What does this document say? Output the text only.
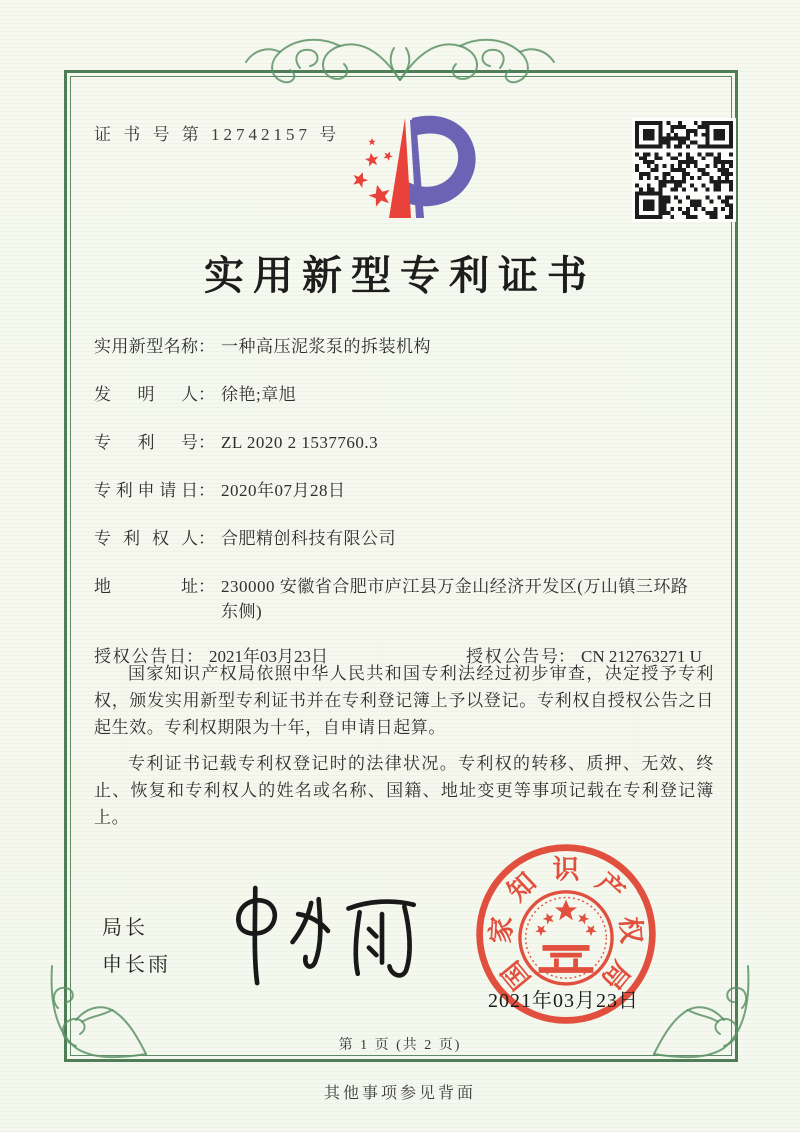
证 书 号 第 12742157 号
实用新型专利证书
实用新型名称 ： 一种高压泥浆泵的拆装机构
发明人 ： 徐艳;章旭
专利号 ： ZL 2020 2 1537760.3
专利申请日 ： 2020年07月28日
专利权人 ： 合肥精创科技有限公司
地址 ： 230000 安徽省合肥市庐江县万金山经济开发区(万山镇三环路东侧)
授权公告日 ： 2021年03月23日	授权公告号 ： CN 212763271 U

国家知识产权局依照中华人民共和国专利法经过初步审查，决定授予专利权，颁发实用新型专利证书并在专利登记簿上予以登记。专利权自授权公告之日起生效。专利权期限为十年，自申请日起算。

专利证书记载专利权登记时的法律状况。专利权的转移、质押、无效、终止、恢复和专利权人的姓名或名称、国籍、地址变更等事项记载在专利登记簿上。

局长
申长雨	国
家
知 识 产
权
局
2021年03月23日
第 1 页 (共 2 页)
其他事项参见背面
